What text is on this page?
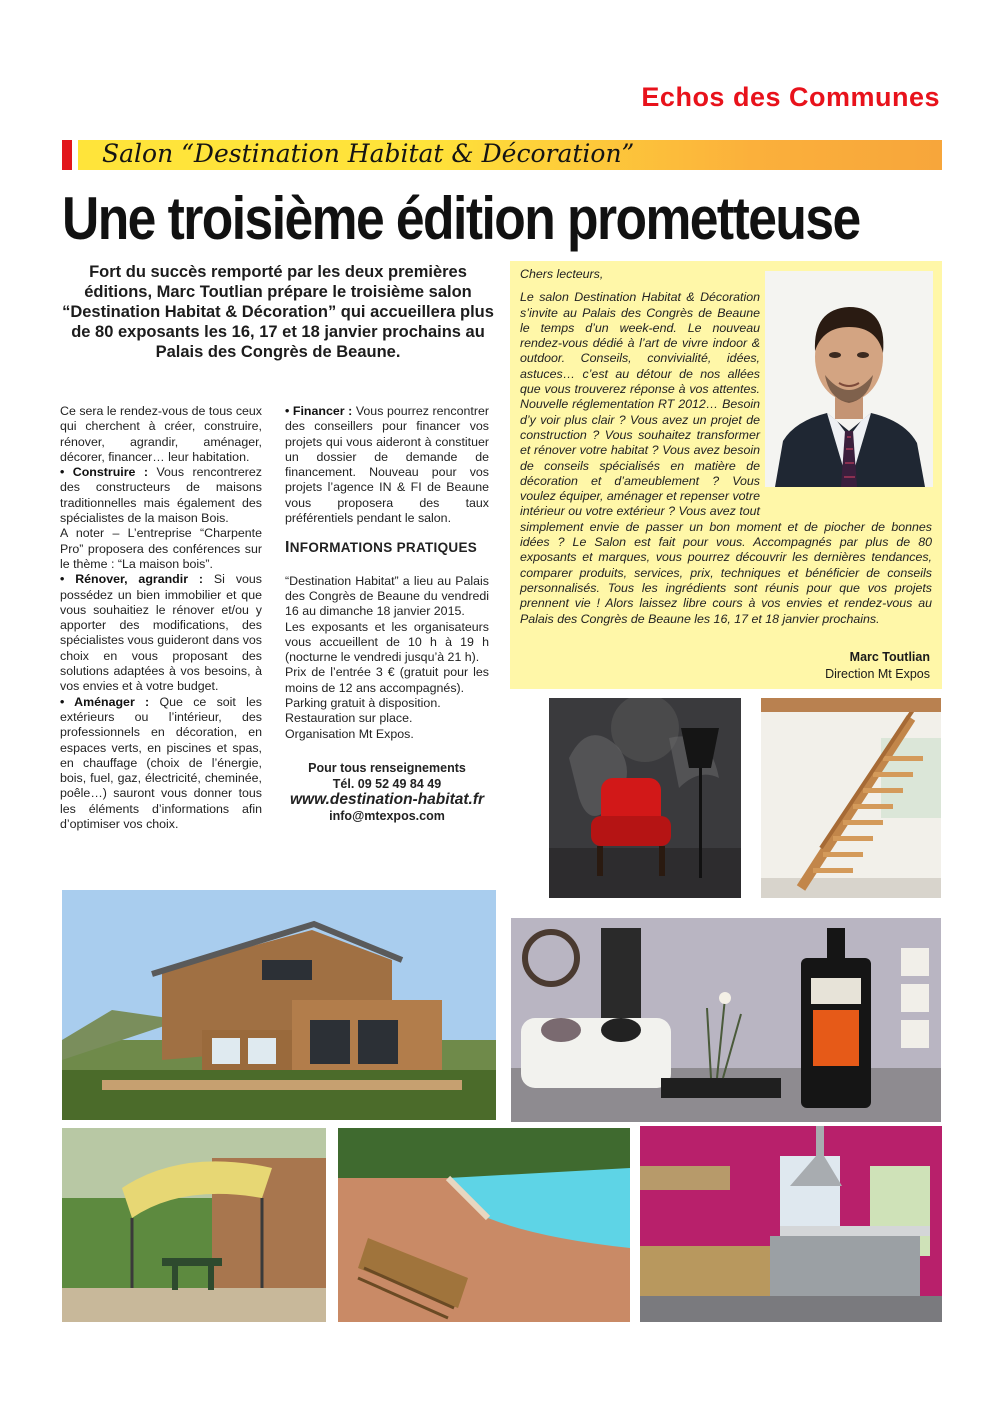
Echos des Communes
Salon “Destination Habitat & Décoration”
Une troisième édition prometteuse
Fort du succès remporté par les deux premières éditions, Marc Toutlian prépare le troisième salon “Destination Habitat & Décoration” qui accueillera plus de 80 exposants les 16, 17 et 18 janvier prochains au Palais des Congrès de Beaune.

Ce sera le rendez-vous de tous ceux qui cherchent à créer, construire, rénover, agrandir, aménager, décorer, financer… leur habitation.

• Construire : Vous rencontrerez des constructeurs de maisons traditionnelles mais également des spécialistes de la maison Bois.

A noter – L’entreprise “Charpente Pro” proposera des conférences sur le thème : “La maison bois”.

• Rénover, agrandir : Si vous possédez un bien immobilier et que vous souhaitiez le rénover et/ou y apporter des modifications, des spécialistes vous guideront dans vos choix en vous proposant des solutions adaptées à vos besoins, à vos envies et à votre budget.

• Aménager : Que ce soit les extérieurs ou l’intérieur, des professionnels en décoration, en espaces verts, en piscines et spas, en chauffage (choix de l’énergie, bois, fuel, gaz, électricité, cheminée, poêle…) sauront vous donner tous les éléments d’informations afin d’optimiser vos choix.

• Financer : Vous pourrez rencontrer des conseillers pour financer vos projets qui vous aideront à constituer un dossier de demande de financement. Nouveau pour vos projets l’agence IN & FI de Beaune vous proposera des taux préférentiels pendant le salon.

INFORMATIONS PRATIQUES

“Destination Habitat” a lieu au Palais des Congrès de Beaune du vendredi 16 au dimanche 18 janvier 2015.

Les exposants et les organisateurs vous accueillent de 10 h à 19 h (nocturne le vendredi jusqu’à 21 h).

Prix de l’entrée 3 € (gratuit pour les moins de 12 ans accompagnés).

Parking gratuit à disposition.

Restauration sur place.

Organisation Mt Expos.

Pour tous renseignements
Tél. 09 52 49 84 49
www.destination-habitat.fr
info@mtexpos.com

Chers lecteurs,

Le salon Destination Habitat & Décoration s’invite au Palais des Congrès de Beaune le temps d’un week-end. Le nouveau rendez-vous dédié à l’art de vivre indoor & outdoor. Conseils, convivialité, idées, astuces… c’est au détour de nos allées que vous trouverez réponse à vos attentes. Nouvelle réglementation RT 2012… Besoin d’y voir plus clair ? Vous avez un projet de construction ? Vous souhaitez transformer et rénover votre habitat ? Vous avez besoin de conseils spécialisés en matière de décoration et d’ameublement ? Vous voulez équiper, aménager et repenser votre intérieur ou votre extérieur ? Vous avez tout simplement envie de passer un bon moment et de piocher de bonnes idées ? Le Salon est fait pour vous. Accompagnés par plus de 80 exposants et marques, vous pourrez découvrir les dernières tendances, comparer produits, services, prix, techniques et bénéficier de conseils personnalisés. Tous les ingrédients sont réunis pour que vos projets prennent vie ! Alors laissez libre cours à vos envies et rendez-vous au Palais des Congrès de Beaune les 16, 17 et 18 janvier prochains.

Marc Toutlian
Direction Mt Expos
